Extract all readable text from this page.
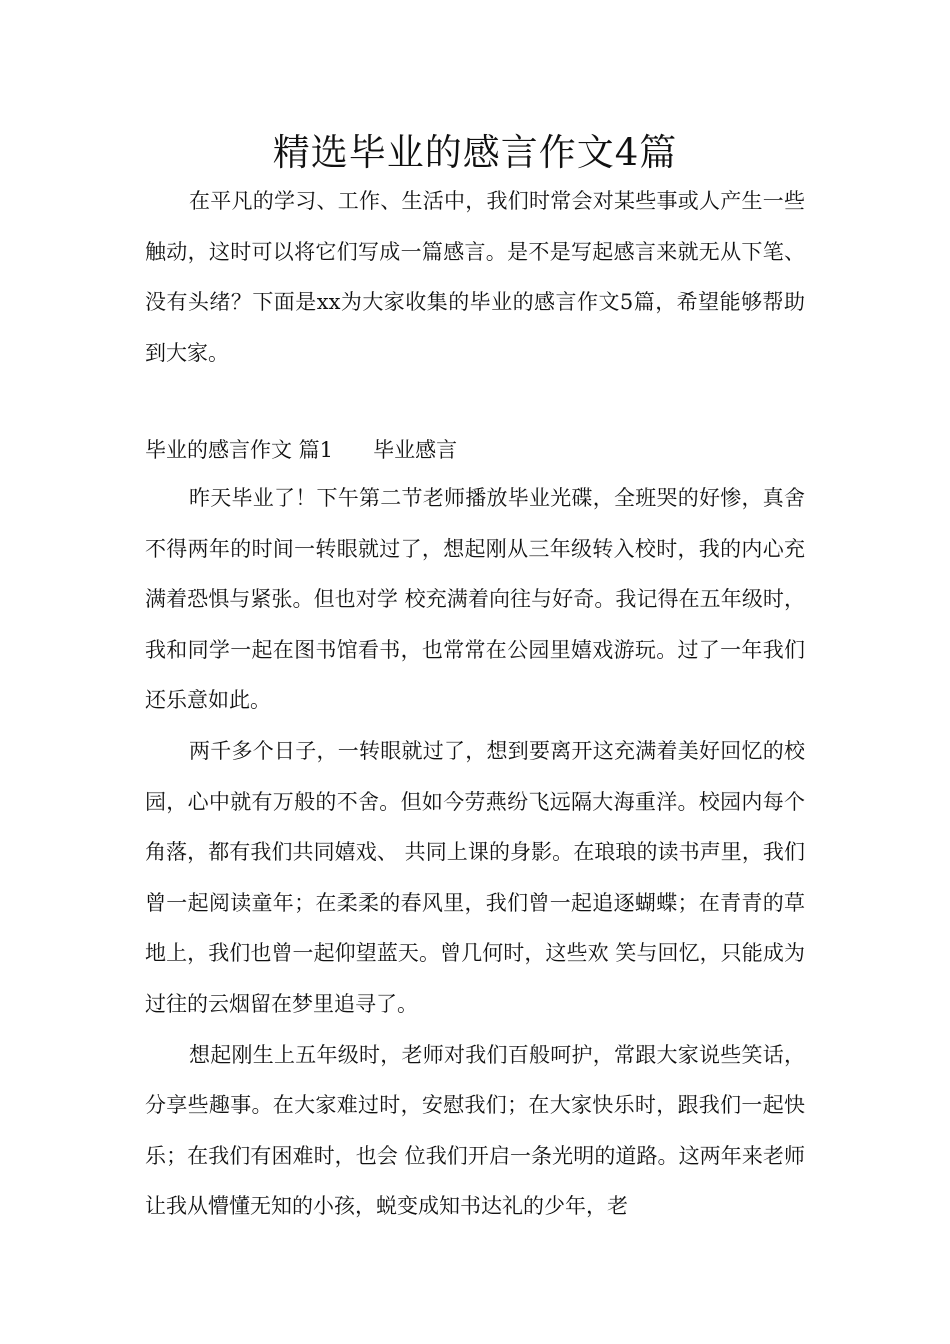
精选毕业的感言作文4篇

在平凡的学习、工作、生活中，我们时常会对某些事或人产生一些触动，这时可以将它们写成一篇感言。是不是写起感言来就无从下笔、没有头绪？下面是xx为大家收集的毕业的感言作文5篇，希望能够帮助到大家。

毕业的感言作文 篇1      毕业感言

昨天毕业了！下午第二节老师播放毕业光碟，全班哭的好惨，真舍不得两年的时间一转眼就过了，想起刚从三年级转入校时，我的内心充满着恐惧与紧张。但也对学 校充满着向往与好奇。我记得在五年级时，我和同学一起在图书馆看书，也常常在公园里嬉戏游玩。过了一年我们还乐意如此。

两千多个日子，一转眼就过了，想到要离开这充满着美好回忆的校园，心中就有万般的不舍。但如今劳燕纷飞远隔大海重洋。校园内每个角落，都有我们共同嬉戏、 共同上课的身影。在琅琅的读书声里，我们曾一起阅读童年；在柔柔的春风里，我们曾一起追逐蝴蝶；在青青的草地上，我们也曾一起仰望蓝天。曾几何时，这些欢 笑与回忆，只能成为过往的云烟留在梦里追寻了。

想起刚生上五年级时，老师对我们百般呵护，常跟大家说些笑话，分享些趣事。在大家难过时，安慰我们；在大家快乐时，跟我们一起快乐；在我们有困难时，也会 位我们开启一条光明的道路。这两年来老师让我从懵懂无知的小孩，蜕变成知书达礼的少年，老
